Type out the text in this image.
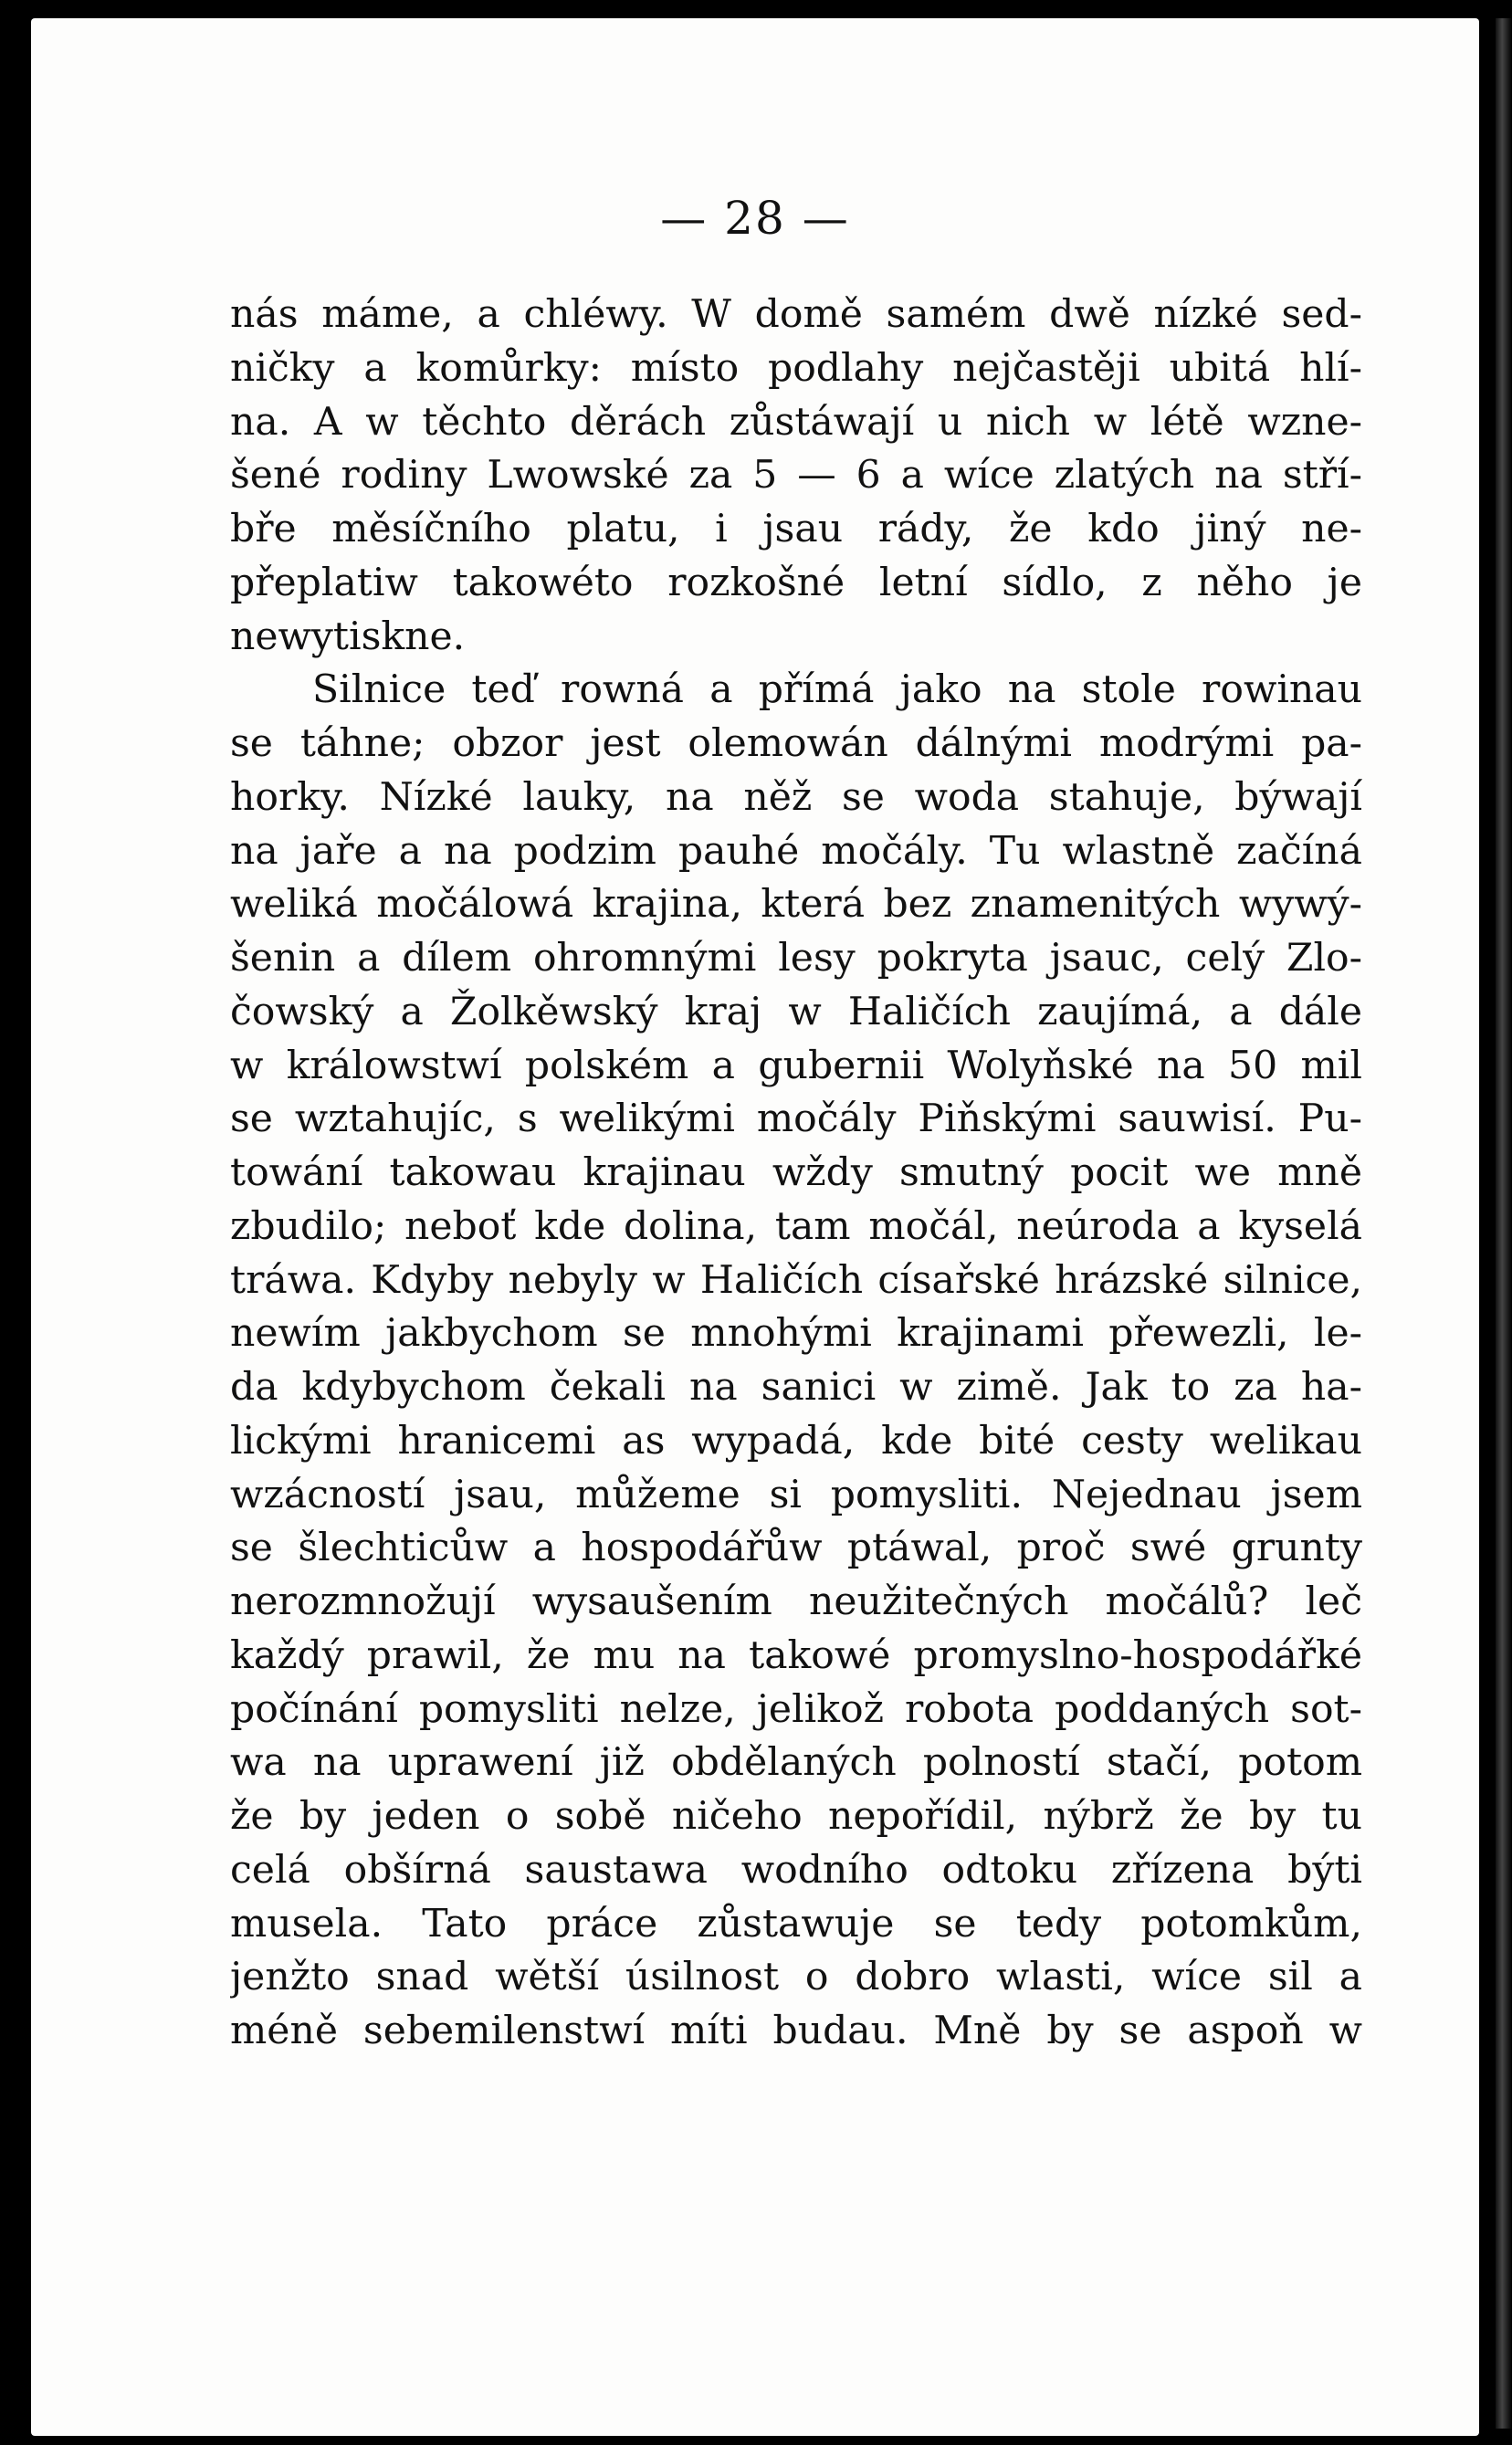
— 28 —
nás máme, a chléwy. W domě samém dwě nízké sed-
ničky a komůrky: místo podlahy nejčastěji ubitá hlí-
na. A w těchto děrách zůstáwají u nich w létě wzne-
šené rodiny Lwowské za 5 — 6 a wíce zlatých na stří-
bře měsíčního platu, i jsau rády, že kdo jiný ne-
přeplatiw takowéto rozkošné letní sídlo, z něho je
newytiskne.
Silnice teď rowná a přímá jako na stole rowinau
se táhne; obzor jest olemowán dálnými modrými pa-
horky. Nízké lauky, na něž se woda stahuje, býwají
na jaře a na podzim pauhé močály. Tu wlastně začíná
weliká močálowá krajina, která bez znamenitých wywý-
šenin a dílem ohromnými lesy pokryta jsauc, celý Zlo-
čowský a Žolkěwský kraj w Haličích zaujímá, a dále
w králowstwí polském a gubernii Wolyňské na 50 mil
se wztahujíc, s welikými močály Piňskými sauwisí. Pu-
towání takowau krajinau wždy smutný pocit we mně
zbudilo; neboť kde dolina, tam močál, neúroda a kyselá
tráwa. Kdyby nebyly w Haličích císařské hrázské silnice,
newím jakbychom se mnohými krajinami přewezli, le-
da kdybychom čekali na sanici w zimě. Jak to za ha-
lickými hranicemi as wypadá, kde bité cesty welikau
wzácností jsau, můžeme si pomysliti. Nejednau jsem
se šlechticůw a hospodářůw ptáwal, proč swé grunty
nerozmnožují wysaušením neužitečných močálů? leč
každý prawil, že mu na takowé promyslno-hospodářké
počínání pomysliti nelze, jelikož robota poddaných sot-
wa na uprawení již obdělaných polností stačí, potom
že by jeden o sobě ničeho nepořídil, nýbrž že by tu
celá obšírná saustawa wodního odtoku zřízena býti
musela. Tato práce zůstawuje se tedy potomkům,
jenžto snad wětší úsilnost o dobro wlasti, wíce sil a
méně sebemilenstwí míti budau. Mně by se aspoň w
